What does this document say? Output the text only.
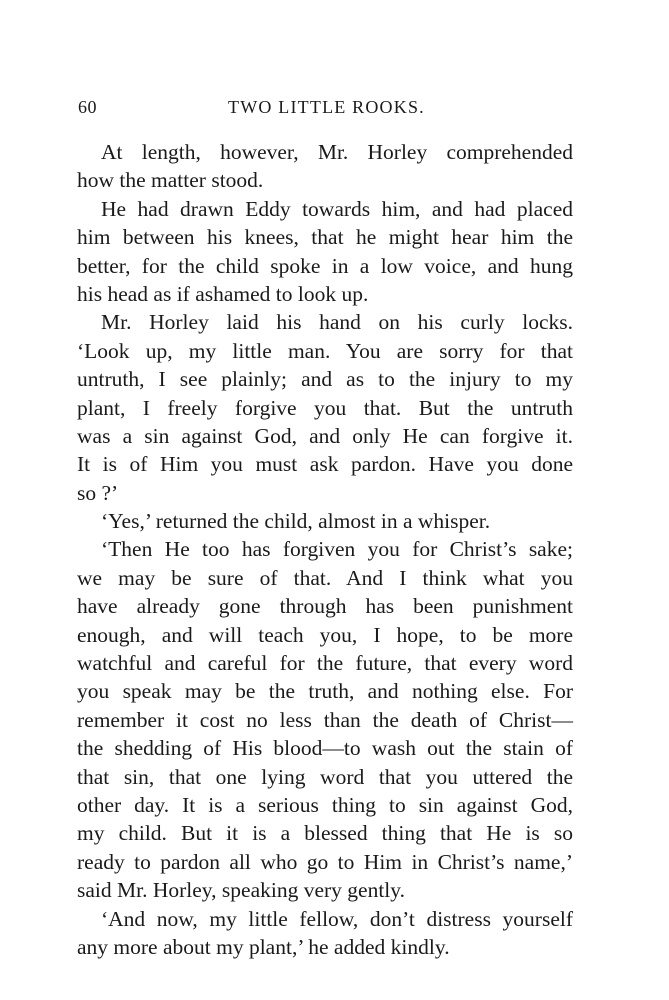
60	TWO LITTLE ROOKS.
At length, however, Mr. Horley comprehended
how the matter stood.
He had drawn Eddy towards him, and had placed
him between his knees, that he might hear him the
better, for the child spoke in a low voice, and hung
his head as if ashamed to look up.
Mr. Horley laid his hand on his curly locks.
‘Look up, my little man. You are sorry for that
untruth, I see plainly; and as to the injury to my
plant, I freely forgive you that. But the untruth
was a sin against God, and only He can forgive it.
It is of Him you must ask pardon. Have you done
so ?’
‘Yes,’ returned the child, almost in a whisper.
‘Then He too has forgiven you for Christ’s sake;
we may be sure of that. And I think what you
have already gone through has been punishment
enough, and will teach you, I hope, to be more
watchful and careful for the future, that every word
you speak may be the truth, and nothing else. For
remember it cost no less than the death of Christ—
the shedding of His blood—to wash out the stain of
that sin, that one lying word that you uttered the
other day. It is a serious thing to sin against God,
my child. But it is a blessed thing that He is so
ready to pardon all who go to Him in Christ’s name,’
said Mr. Horley, speaking very gently.
‘And now, my little fellow, don’t distress yourself
any more about my plant,’ he added kindly.
